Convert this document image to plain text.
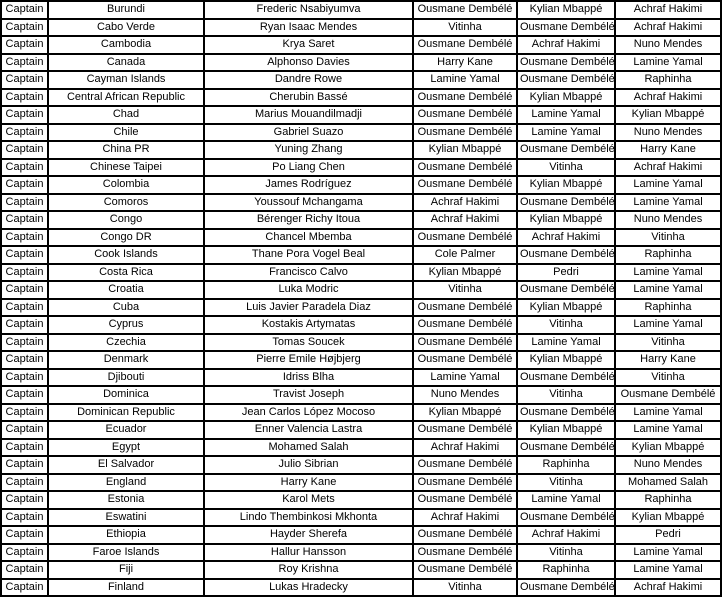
Captain	Burundi	Frederic Nsabiyumva	Ousmane Dembélé	Kylian Mbappé	Achraf Hakimi
Captain	Cabo Verde	Ryan Isaac Mendes	Vitinha	Ousmane Dembélé	Achraf Hakimi
Captain	Cambodia	Krya Saret	Ousmane Dembélé	Achraf Hakimi	Nuno Mendes
Captain	Canada	Alphonso Davies	Harry Kane	Ousmane Dembélé	Lamine Yamal
Captain	Cayman Islands	Dandre Rowe	Lamine Yamal	Ousmane Dembélé	Raphinha
Captain	Central African Republic	Cherubin Bassé	Ousmane Dembélé	Kylian Mbappé	Achraf Hakimi
Captain	Chad	Marius Mouandilmadji	Ousmane Dembélé	Lamine Yamal	Kylian Mbappé
Captain	Chile	Gabriel Suazo	Ousmane Dembélé	Lamine Yamal	Nuno Mendes
Captain	China PR	Yuning Zhang	Kylian Mbappé	Ousmane Dembélé	Harry Kane
Captain	Chinese Taipei	Po Liang Chen	Ousmane Dembélé	Vitinha	Achraf Hakimi
Captain	Colombia	James Rodríguez	Ousmane Dembélé	Kylian Mbappé	Lamine Yamal
Captain	Comoros	Youssouf Mchangama	Achraf Hakimi	Ousmane Dembélé	Lamine Yamal
Captain	Congo	Bérenger Richy Itoua	Achraf Hakimi	Kylian Mbappé	Nuno Mendes
Captain	Congo DR	Chancel Mbemba	Ousmane Dembélé	Achraf Hakimi	Vitinha
Captain	Cook Islands	Thane Pora Vogel Beal	Cole Palmer	Ousmane Dembélé	Raphinha
Captain	Costa Rica	Francisco Calvo	Kylian Mbappé	Pedri	Lamine Yamal
Captain	Croatia	Luka Modric	Vitinha	Ousmane Dembélé	Lamine Yamal
Captain	Cuba	Luis Javier Paradela Diaz	Ousmane Dembélé	Kylian Mbappé	Raphinha
Captain	Cyprus	Kostakis Artymatas	Ousmane Dembélé	Vitinha	Lamine Yamal
Captain	Czechia	Tomas Soucek	Ousmane Dembélé	Lamine Yamal	Vitinha
Captain	Denmark	Pierre Emile Højbjerg	Ousmane Dembélé	Kylian Mbappé	Harry Kane
Captain	Djibouti	Idriss Blha	Lamine Yamal	Ousmane Dembélé	Vitinha
Captain	Dominica	Travist Joseph	Nuno Mendes	Vitinha	Ousmane Dembélé
Captain	Dominican Republic	Jean Carlos López Mocoso	Kylian Mbappé	Ousmane Dembélé	Lamine Yamal
Captain	Ecuador	Enner Valencia Lastra	Ousmane Dembélé	Kylian Mbappé	Lamine Yamal
Captain	Egypt	Mohamed Salah	Achraf Hakimi	Ousmane Dembélé	Kylian Mbappé
Captain	El Salvador	Julio Sibrian	Ousmane Dembélé	Raphinha	Nuno Mendes
Captain	England	Harry Kane	Ousmane Dembélé	Vitinha	Mohamed Salah
Captain	Estonia	Karol Mets	Ousmane Dembélé	Lamine Yamal	Raphinha
Captain	Eswatini	Lindo Thembinkosi Mkhonta	Achraf Hakimi	Ousmane Dembélé	Kylian Mbappé
Captain	Ethiopia	Hayder Sherefa	Ousmane Dembélé	Achraf Hakimi	Pedri
Captain	Faroe Islands	Hallur Hansson	Ousmane Dembélé	Vitinha	Lamine Yamal
Captain	Fiji	Roy Krishna	Ousmane Dembélé	Raphinha	Lamine Yamal
Captain	Finland	Lukas Hradecky	Vitinha	Ousmane Dembélé	Achraf Hakimi
